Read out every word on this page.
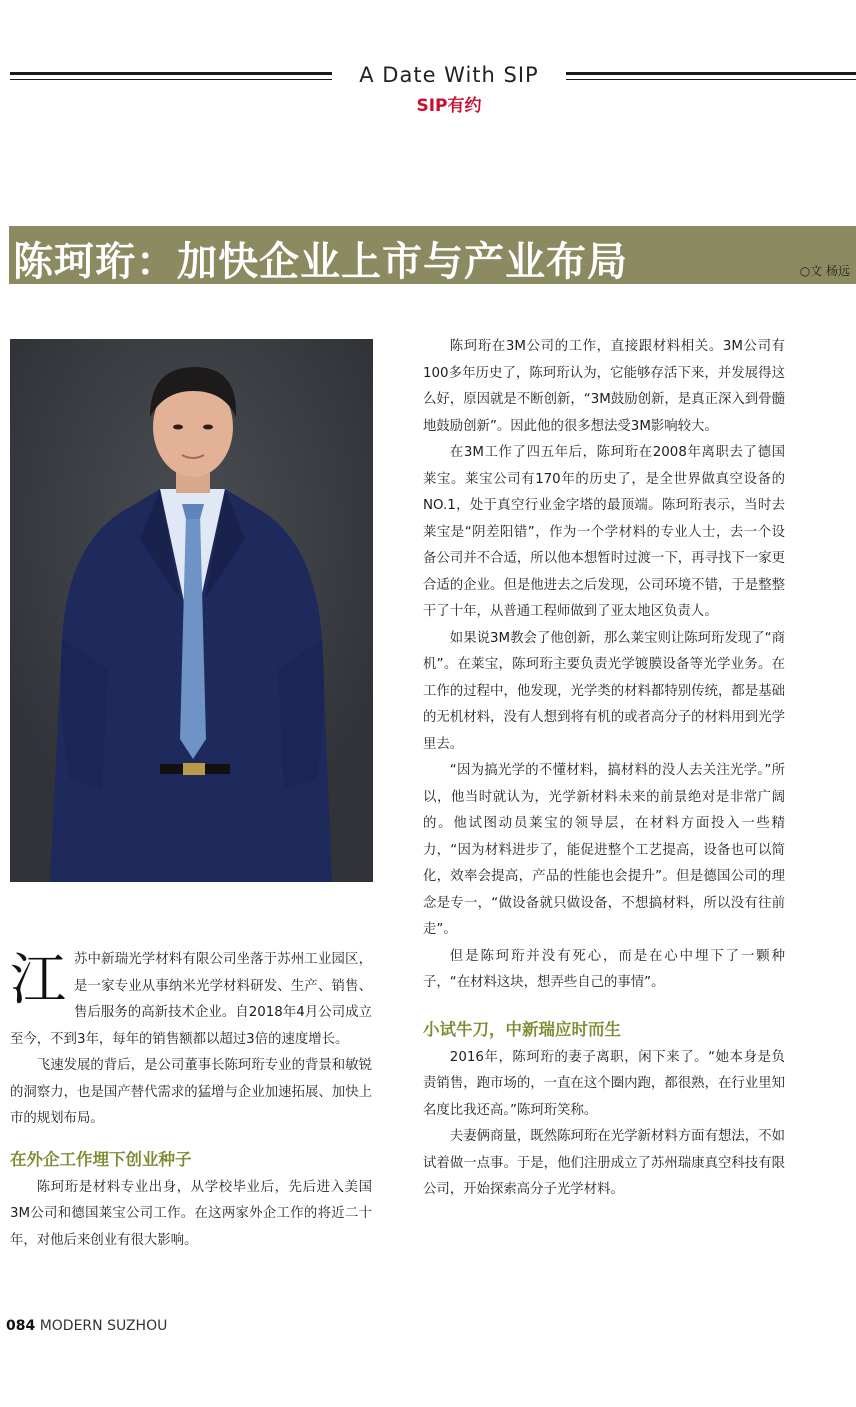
A Date With SIP
SIP有约
陈珂珩：加快企业上市与产业布局	○文 杨远

江苏中新瑞光学材料有限公司坐落于苏州工业园区，是一家专业从事纳米光学材料研发、生产、销售、售后服务的高新技术企业。自2018年4月公司成立至今，不到3年，每年的销售额都以超过3倍的速度增长。

飞速发展的背后，是公司董事长陈珂珩专业的背景和敏锐的洞察力，也是国产替代需求的猛增与企业加速拓展、加快上市的规划布局。

在外企工作埋下创业种子

陈珂珩是材料专业出身，从学校毕业后，先后进入美国3M公司和德国莱宝公司工作。在这两家外企工作的将近二十年，对他后来创业有很大影响。

陈珂珩在3M公司的工作，直接跟材料相关。3M公司有100多年历史了，陈珂珩认为，它能够存活下来，并发展得这么好，原因就是不断创新，“3M鼓励创新，是真正深入到骨髓地鼓励创新”。因此他的很多想法受3M影响较大。

在3M工作了四五年后，陈珂珩在2008年离职去了德国莱宝。莱宝公司有170年的历史了，是全世界做真空设备的NO.1，处于真空行业金字塔的最顶端。陈珂珩表示，当时去莱宝是“阴差阳错”，作为一个学材料的专业人士，去一个设备公司并不合适，所以他本想暂时过渡一下，再寻找下一家更合适的企业。但是他进去之后发现，公司环境不错，于是整整干了十年，从普通工程师做到了亚太地区负责人。

如果说3M教会了他创新，那么莱宝则让陈珂珩发现了“商机”。在莱宝，陈珂珩主要负责光学镀膜设备等光学业务。在工作的过程中，他发现，光学类的材料都特别传统，都是基础的无机材料，没有人想到将有机的或者高分子的材料用到光学里去。

“因为搞光学的不懂材料，搞材料的没人去关注光学。”所以，他当时就认为，光学新材料未来的前景绝对是非常广阔的。他试图动员莱宝的领导层，在材料方面投入一些精力，“因为材料进步了，能促进整个工艺提高，设备也可以简化，效率会提高，产品的性能也会提升”。但是德国公司的理念是专一，“做设备就只做设备，不想搞材料，所以没有往前走”。

但是陈珂珩并没有死心，而是在心中埋下了一颗种子，“在材料这块，想弄些自己的事情”。

小试牛刀，中新瑞应时而生

2016年，陈珂珩的妻子离职，闲下来了。“她本身是负责销售，跑市场的，一直在这个圈内跑，都很熟，在行业里知名度比我还高。”陈珂珩笑称。

夫妻俩商量，既然陈珂珩在光学新材料方面有想法，不如试着做一点事。于是，他们注册成立了苏州瑞康真空科技有限公司，开始探索高分子光学材料。

084 MODERN SUZHOU
